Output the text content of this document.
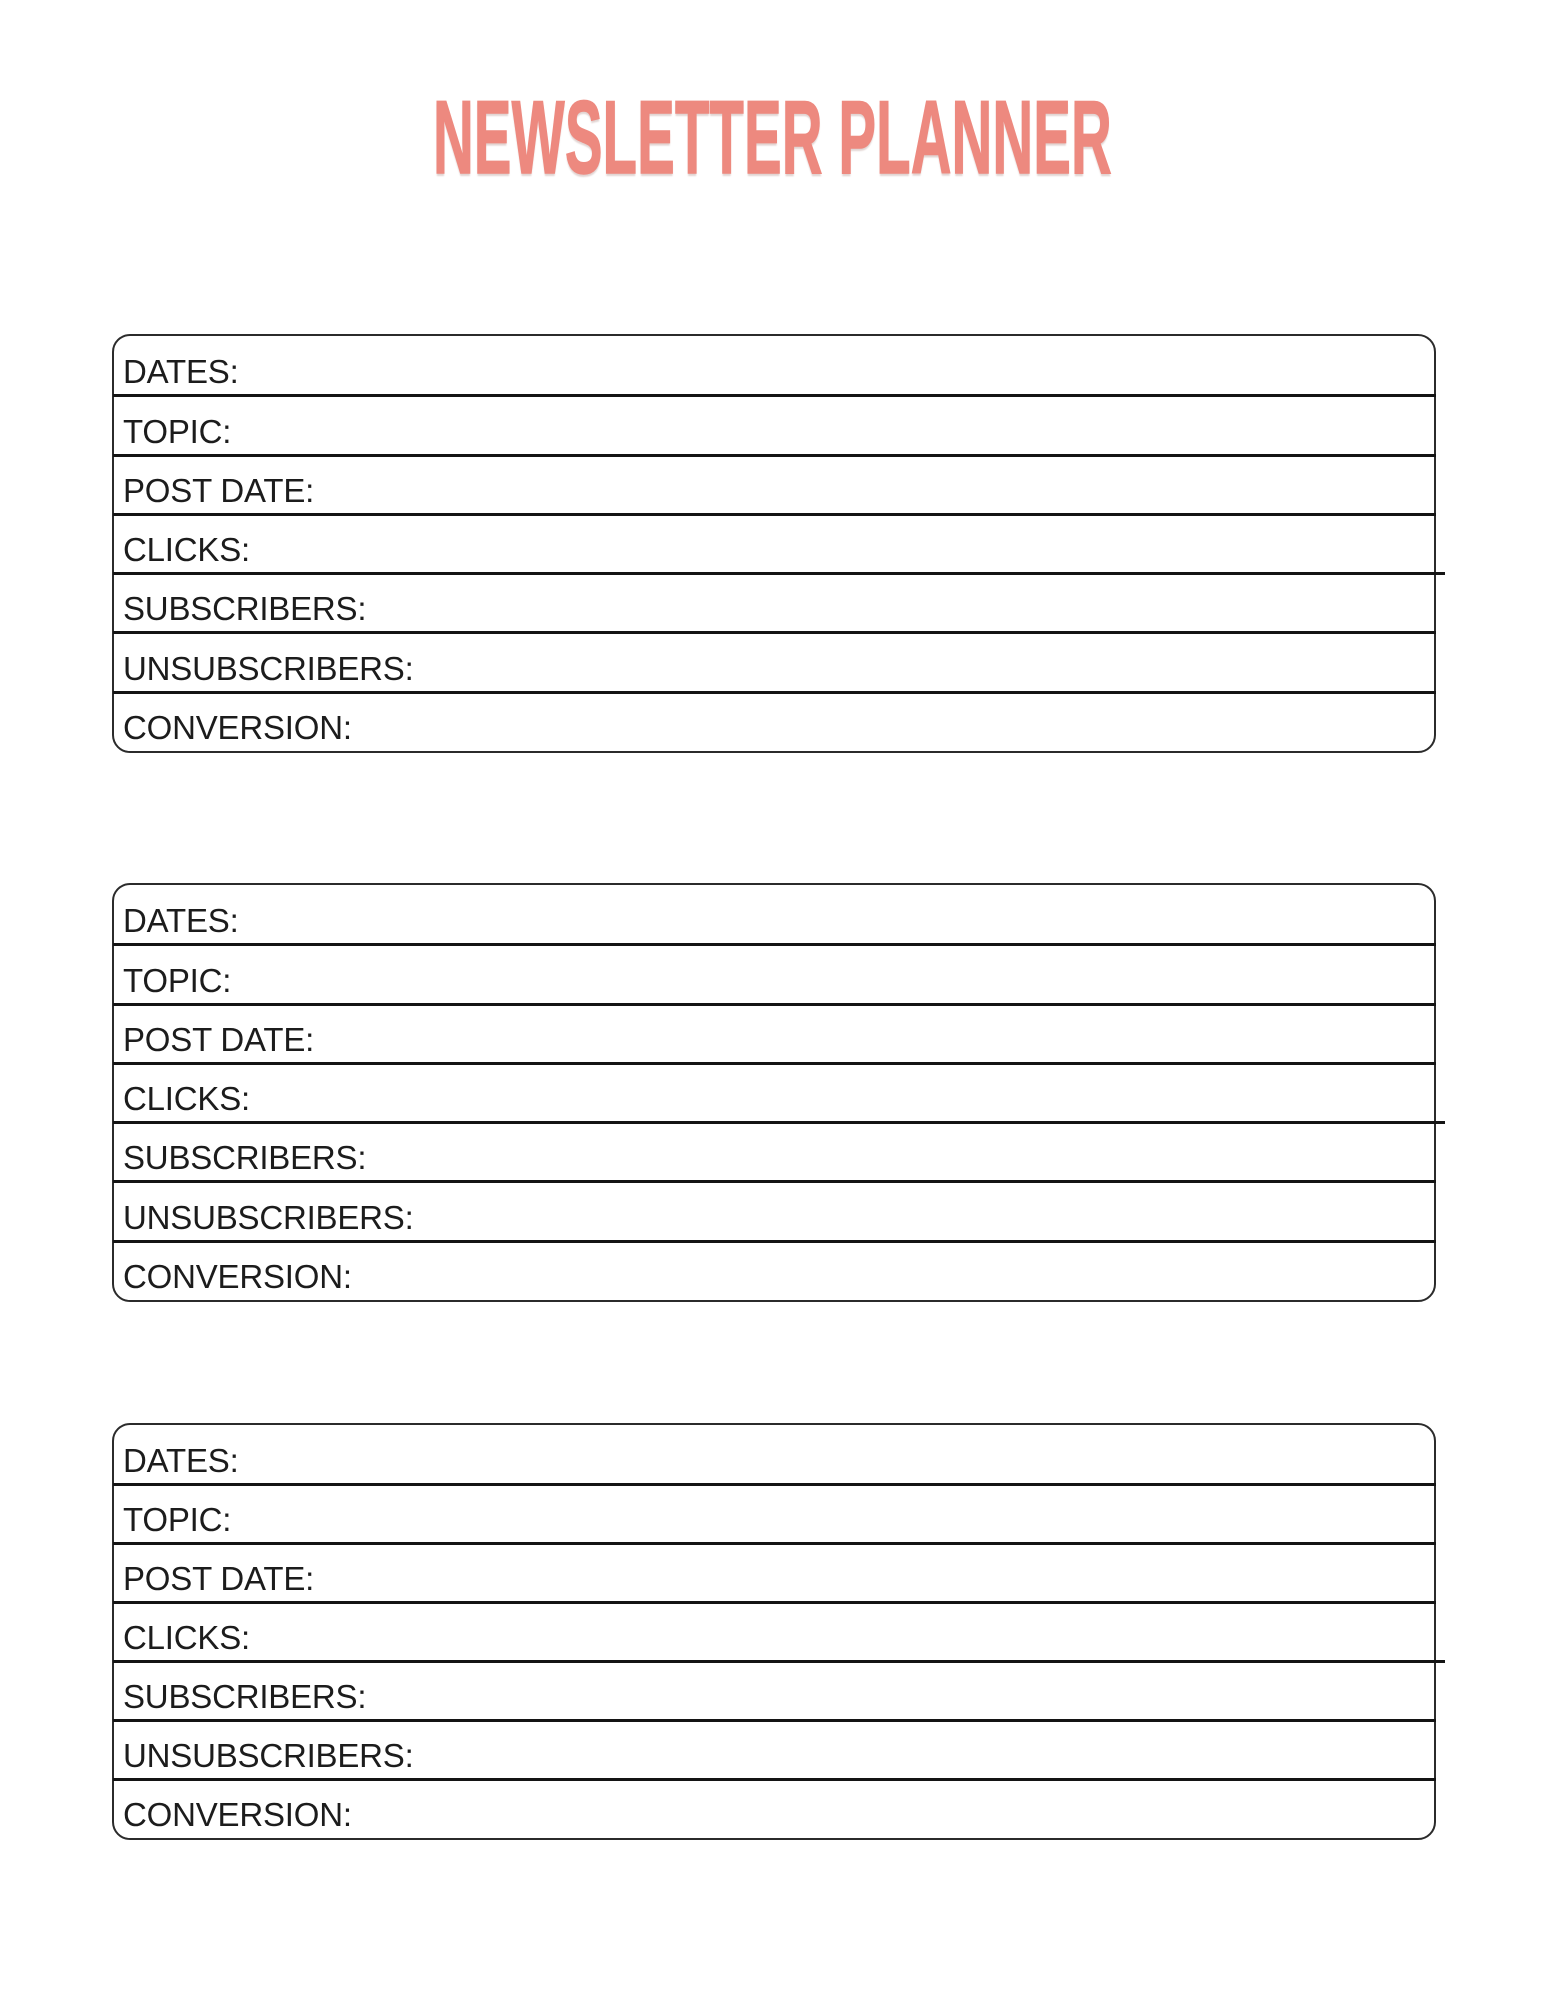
NEWSLETTER PLANNER
DATES:
TOPIC:
POST DATE:
CLICKS:
SUBSCRIBERS:
UNSUBSCRIBERS:
CONVERSION:
DATES:
TOPIC:
POST DATE:
CLICKS:
SUBSCRIBERS:
UNSUBSCRIBERS:
CONVERSION:
DATES:
TOPIC:
POST DATE:
CLICKS:
SUBSCRIBERS:
UNSUBSCRIBERS:
CONVERSION:
